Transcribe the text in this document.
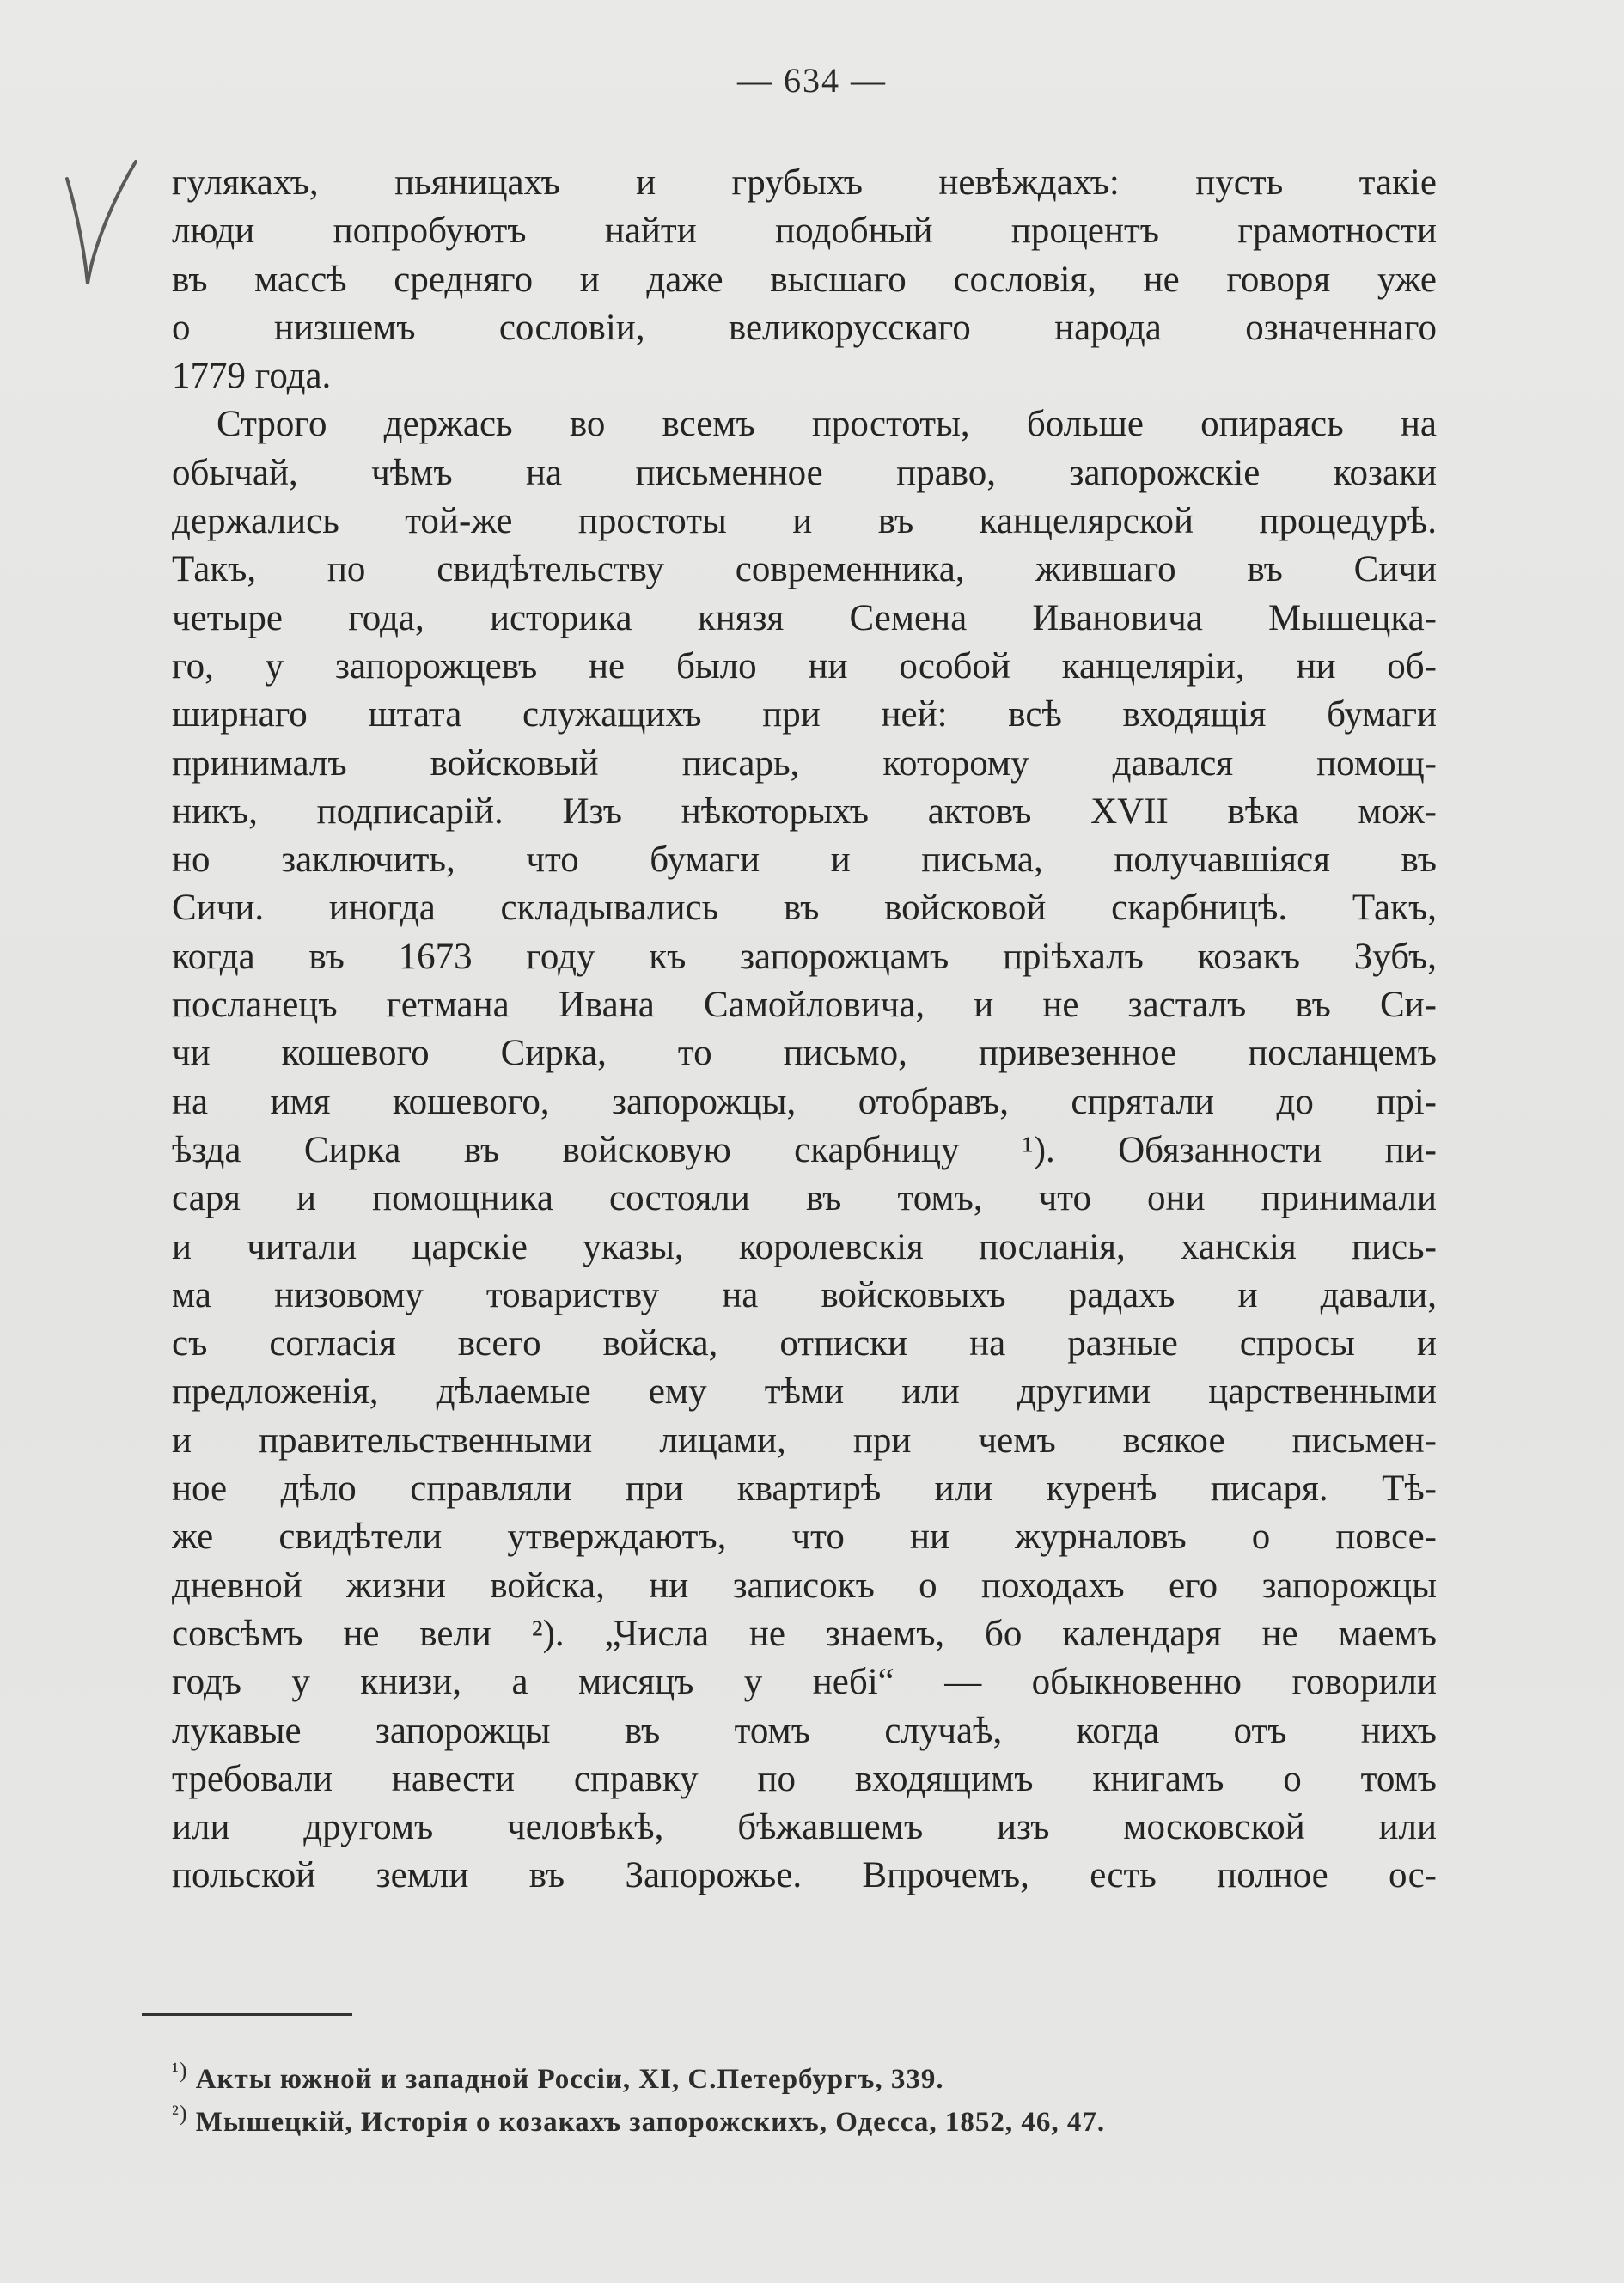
— 634 —
гулякахъ, пьяницахъ и грубыхъ невѣждахъ: пусть такіе
люди попробуютъ найти подобный процентъ грамотности
въ массѣ средняго и даже высшаго сословія, не говоря уже
о низшемъ сословіи, великорусскаго народа означеннаго
1779 года.
Строго держась во всемъ простоты, больше опираясь на
обычай, чѣмъ на письменное право, запорожскіе козаки
держались той-же простоты и въ канцелярской процедурѣ.
Такъ, по свидѣтельству современника, жившаго въ Сичи
четыре года, историка князя Семена Ивановича Мышецка-
го, у запорожцевъ не было ни особой канцеляріи, ни об-
ширнаго штата служащихъ при ней: всѣ входящія бумаги
принималъ войсковый писарь, которому давался помощ-
никъ, подписарій. Изъ нѣкоторыхъ актовъ XVII вѣка мож-
но заключить, что бумаги и письма, получавшіяся въ
Сичи. иногда складывались въ войсковой скарбницѣ. Такъ,
когда въ 1673 году къ запорожцамъ пріѣхалъ козакъ Зубъ,
посланецъ гетмана Ивана Самойловича, и не засталъ въ Си-
чи кошевого Сирка, то письмо, привезенное посланцемъ
на имя кошевого, запорожцы, отобравъ, спрятали до прі-
ѣзда Сирка въ войсковую скарбницу ¹). Обязанности пи-
саря и помощника состояли въ томъ, что они принимали
и читали царскіе указы, королевскія посланія, ханскія пись-
ма низовому товариству на войсковыхъ радахъ и давали,
съ согласія всего войска, отписки на разные спросы и
предложенія, дѣлаемые ему тѣми или другими царственными
и правительственными лицами, при чемъ всякое письмен-
ное дѣло справляли при квартирѣ или куренѣ писаря. Тѣ-
же свидѣтели утверждаютъ, что ни журналовъ о повсе-
дневной жизни войска, ни записокъ о походахъ его запорожцы
совсѣмъ не вели ²). „Числа не знаемъ, бо календаря не маемъ
годъ у книзи, а мисяцъ у небі“ — обыкновенно говорили
лукавые запорожцы въ томъ случаѣ, когда отъ нихъ
требовали навести справку по входящимъ книгамъ о томъ
или другомъ человѣкѣ, бѣжавшемъ изъ московской или
польской земли въ Запорожье. Впрочемъ, есть полное ос-
$^{^1)}$ Акты южной и западной Россіи, XI, С.Петербургъ, 339.
$^{^2)}$ Мышецкій, Исторія о козакахъ запорожскихъ, Одесса, 1852, 46, 47.
